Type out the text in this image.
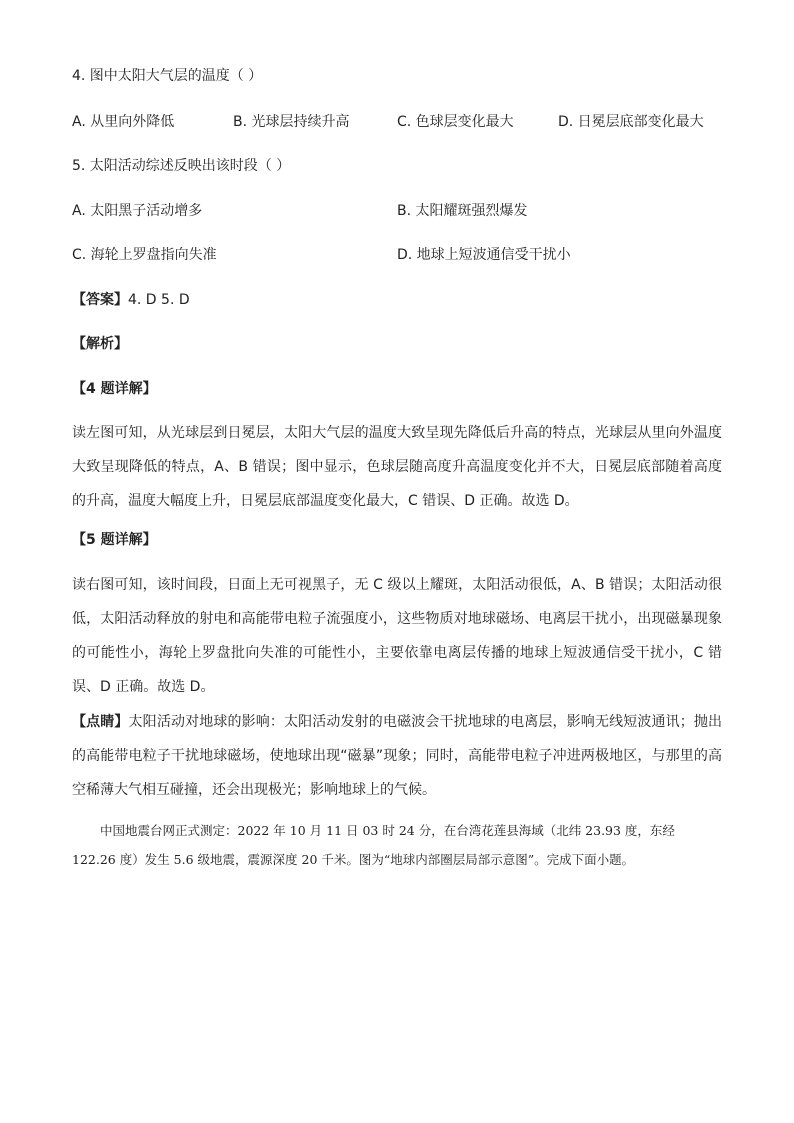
4. 图中太阳大气层的温度（ ）
A. 从里向外降低	B. 光球层持续升高	C. 色球层变化最大	D. 日冕层底部变化最大
5. 太阳活动综述反映出该时段（ ）
A. 太阳黑子活动增多	B. 太阳耀斑强烈爆发
C. 海轮上罗盘指向失准	D. 地球上短波通信受干扰小
【答案】4. D 5. D
【解析】
【4 题详解】
读左图可知，从光球层到日冕层，太阳大气层的温度大致呈现先降低后升高的特点，光球层从里向外温度大致呈现降低的特点，A、B 错误；图中显示，色球层随高度升高温度变化并不大，日冕层底部随着高度的升高，温度大幅度上升，日冕层底部温度变化最大，C 错误、D 正确。故选 D。
【5 题详解】
读右图可知，该时间段，日面上无可视黑子，无 C 级以上耀斑，太阳活动很低，A、B 错误；太阳活动很低，太阳活动释放的射电和高能带电粒子流强度小，这些物质对地球磁场、电离层干扰小，出现磁暴现象的可能性小，海轮上罗盘批向失准的可能性小，主要依靠电离层传播的地球上短波通信受干扰小，C 错误、D 正确。故选 D。
【点睛】太阳活动对地球的影响：太阳活动发射的电磁波会干扰地球的电离层，影响无线短波通讯；抛出的高能带电粒子干扰地球磁场，使地球出现“磁暴”现象；同时，高能带电粒子冲进两极地区，与那里的高空稀薄大气相互碰撞，还会出现极光；影响地球上的气候。
中国地震台网正式测定：2022 年 10 月 11 日 03 时 24 分，在台湾花莲县海域（北纬 23.93 度，东经 122.26 度）发生 5.6 级地震，震源深度 20 千米。图为“地球内部圈层局部示意图”。完成下面小题。
